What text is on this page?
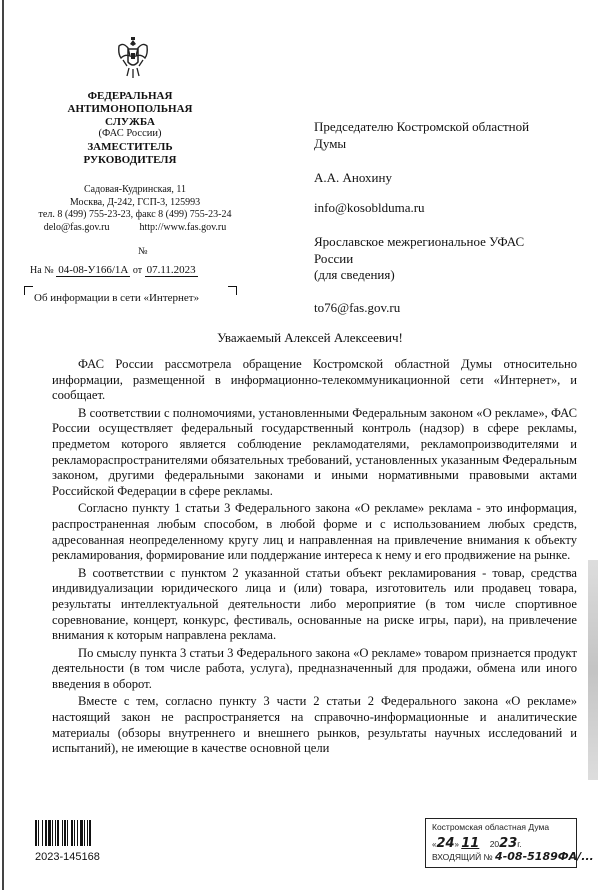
ФЕДЕРАЛЬНАЯ
АНТИМОНОПОЛЬНАЯ
СЛУЖБА
(ФАС России)
ЗАМЕСТИТЕЛЬ
РУКОВОДИТЕЛЯ
Садовая-Кудринская, 11
Москва, Д-242, ГСП-3, 125993
тел. 8 (499) 755-23-23, факс 8 (499) 755-23-24
delo@fas.gov.ru            http://www.fas.gov.ru
№
На № 04-08-У166/1А от 07.11.2023
Об информации в сети «Интернет»
Председателю Костромской областной
Думы
А.А. Анохину
info@kosoblduma.ru
Ярославское межрегиональное УФАС
России
(для сведения)
to76@fas.gov.ru
Уважаемый Алексей Алексеевич!

ФАС России рассмотрела обращение Костромской областной Думы относительно информации, размещенной в информационно-телекоммуникационной сети «Интернет», и сообщает.

В соответствии с полномочиями, установленными Федеральным законом «О рекламе», ФАС России осуществляет федеральный государственный контроль (надзор) в сфере рекламы, предметом которого является соблюдение рекламодателями, рекламопроизводителями и рекламораспространителями обязательных требований, установленных указанным Федеральным законом, другими федеральными законами и иными нормативными правовыми актами Российской Федерации в сфере рекламы.

Согласно пункту 1 статьи 3 Федерального закона «О рекламе» реклама - это информация, распространенная любым способом, в любой форме и с использованием любых средств, адресованная неопределенному кругу лиц и направленная на привлечение внимания к объекту рекламирования, формирование или поддержание интереса к нему и его продвижение на рынке.

В соответствии с пунктом 2 указанной статьи объект рекламирования - товар, средства индивидуализации юридического лица и (или) товара, изготовитель или продавец товара, результаты интеллектуальной деятельности либо мероприятие (в том числе спортивное соревнование, концерт, конкурс, фестиваль, основанные на риске игры, пари), на привлечение внимания к которым направлена реклама.

По смыслу пункта 3 статьи 3 Федерального закона «О рекламе» товаром признается продукт деятельности (в том числе работа, услуга), предназначенный для продажи, обмена или иного введения в оборот.

Вместе с тем, согласно пункту 3 части 2 статьи 2 Федерального закона «О рекламе» настоящий закон не распространяется на справочно-информационные и аналитические материалы (обзоры внутреннего и внешнего рынков, результаты научных исследований и испытаний), не имеющие в качестве основной цели

2023-145168
Костромская областная Дума
«24» 11 2023г.
ВХОДЯЩИЙ № 4-08-5189ФА/...
